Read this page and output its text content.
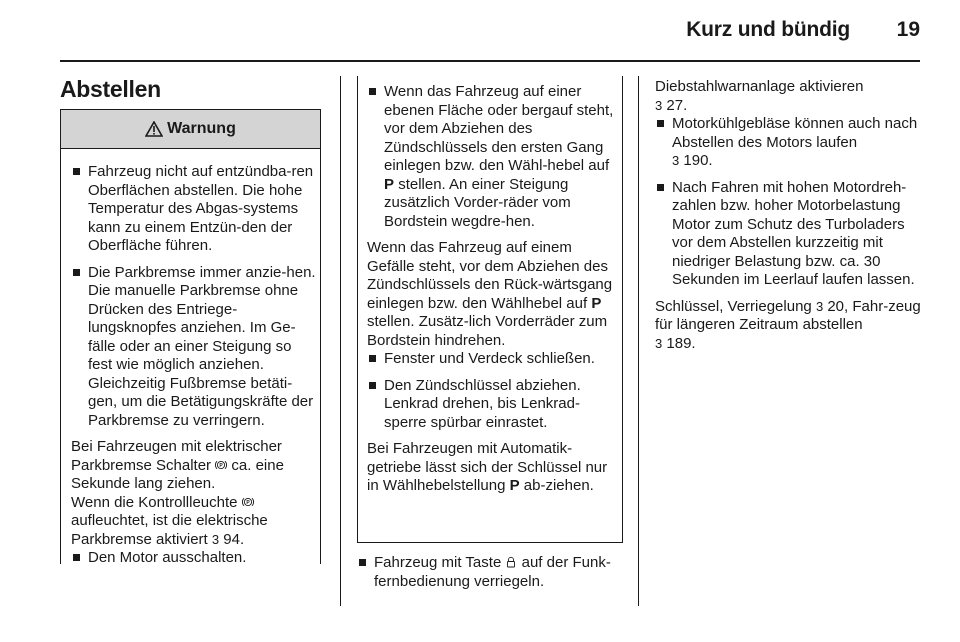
Kurz und bündig	19
Abstellen
Warnung
Fahrzeug nicht auf entzündba-ren Oberflächen abstellen. Die hohe Temperatur des Abgas-systems kann zu einem Entzün-den der Oberfläche führen.
Die Parkbremse immer anzie-hen. Die manuelle Parkbremse ohne Drücken des Entriege-lungsknopfes anziehen. Im Ge-fälle oder an einer Steigung so fest wie möglich anziehen. Gleichzeitig Fußbremse betäti-gen, um die Betätigungskräfte der Parkbremse zu verringern.

Bei Fahrzeugen mit elektrischer Parkbremse Schalter P ca. eine Sekunde lang ziehen.

Wenn die Kontrollleuchte P
aufleuchtet, ist die elektrische Parkbremse aktiviert 3 94.

Den Motor ausschalten.
Wenn das Fahrzeug auf einer ebenen Fläche oder bergauf steht, vor dem Abziehen des Zündschlüssels den ersten Gang einlegen bzw. den Wähl-hebel auf P stellen. An einer Steigung zusätzlich Vorder-räder vom Bordstein wegdre-hen.

Wenn das Fahrzeug auf einem Gefälle steht, vor dem Abziehen des Zündschlüssels den Rück-wärtsgang einlegen bzw. den Wählhebel auf P stellen. Zusätz-lich Vorderräder zum Bordstein hindrehen.

Fenster und Verdeck schließen.
Den Zündschlüssel abziehen. Lenkrad drehen, bis Lenkrad-sperre spürbar einrastet.

Bei Fahrzeugen mit Automatik-getriebe lässt sich der Schlüssel nur in Wählhebelstellung P ab-ziehen.

Fahrzeug mit Taste auf der Funk-fernbedienung verriegeln.

Diebstahlwarnanlage aktivieren
3 27.

Motorkühlgebläse können auch nach Abstellen des Motors laufen
3 190.
Nach Fahren mit hohen Motordreh-zahlen bzw. hoher Motorbelastung Motor zum Schutz des Turboladers vor dem Abstellen kurzzeitig mit niedriger Belastung bzw. ca. 30 Sekunden im Leerlauf laufen lassen.

Schlüssel, Verriegelung 3 20, Fahr-zeug für längeren Zeitraum abstellen
3 189.
